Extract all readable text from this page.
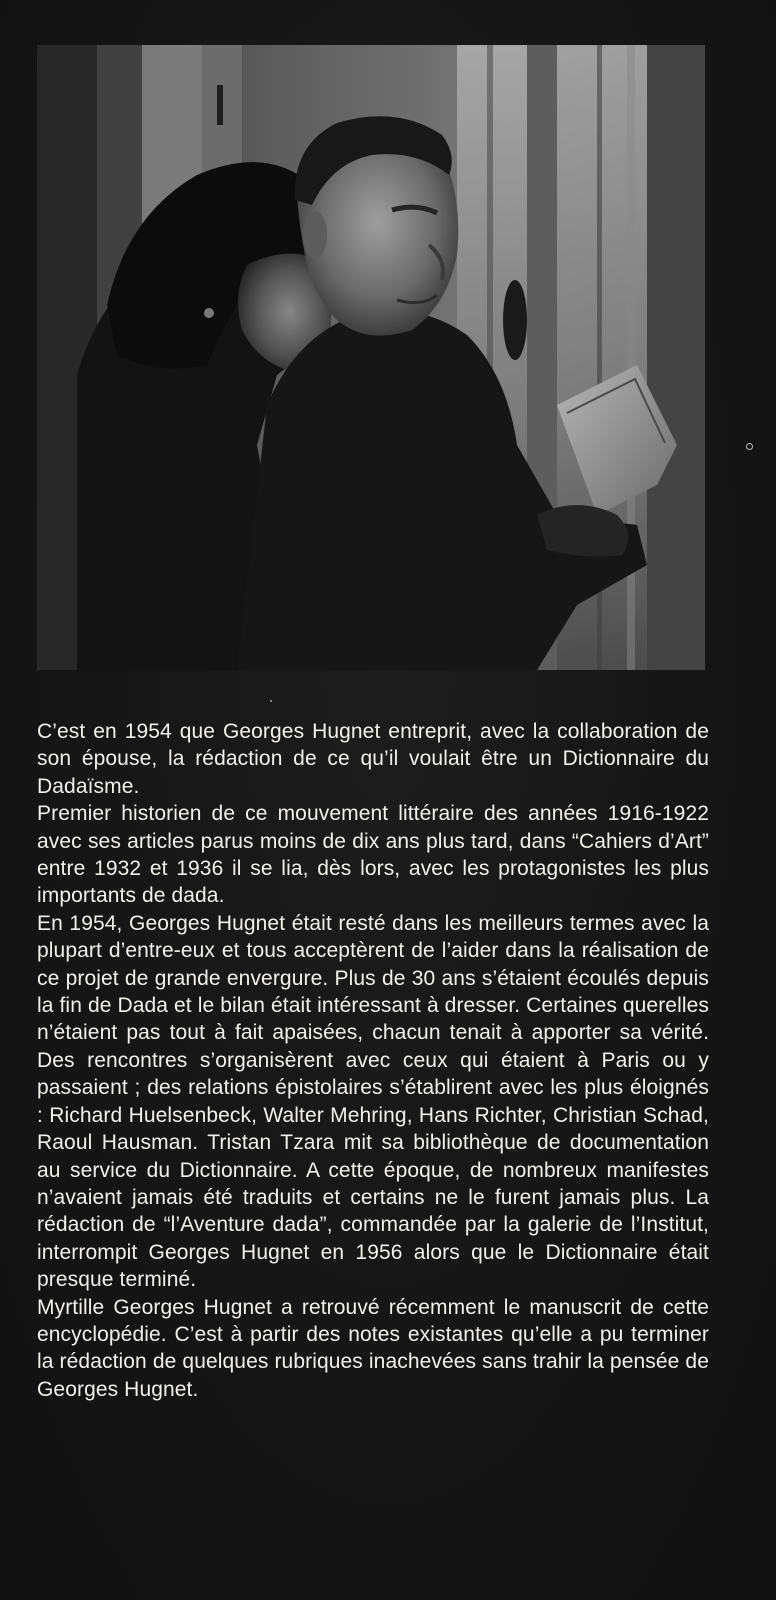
C’est en 1954 que Georges Hugnet entreprit, avec la collaboration de son épouse, la rédaction de ce qu’il voulait être un Dictionnaire du Dadaïsme.

Premier historien de ce mouvement littéraire des années 1916-1922 avec ses articles parus moins de dix ans plus tard, dans “Cahiers d’Art” entre 1932 et 1936 il se lia, dès lors, avec les protagonistes les plus importants de dada.

En 1954, Georges Hugnet était resté dans les meilleurs termes avec la plupart d’entre-eux et tous acceptèrent de l’aider dans la réalisation de ce projet de grande envergure. Plus de 30 ans s’étaient écoulés depuis la fin de Dada et le bilan était intéressant à dresser. Certaines querelles n’étaient pas tout à fait apaisées, chacun tenait à apporter sa vérité. Des rencontres s’organisèrent avec ceux qui étaient à Paris ou y passaient ; des relations épistolaires s’établirent avec les plus éloignés : Richard Huelsenbeck, Walter Mehring, Hans Richter, Christian Schad, Raoul Hausman. Tristan Tzara mit sa bibliothèque de documentation au service du Dictionnaire. A cette époque, de nombreux manifestes n’avaient jamais été traduits et certains ne le furent jamais plus. La rédaction de “l’Aventure dada”, commandée par la galerie de l’Institut, interrompit Georges Hugnet en 1956 alors que le Dictionnaire était presque terminé.

Myrtille Georges Hugnet a retrouvé récemment le manuscrit de cette encyclopédie. C’est à partir des notes existantes qu’elle a pu terminer la rédaction de quelques rubriques inachevées sans trahir la pensée de Georges Hugnet.
